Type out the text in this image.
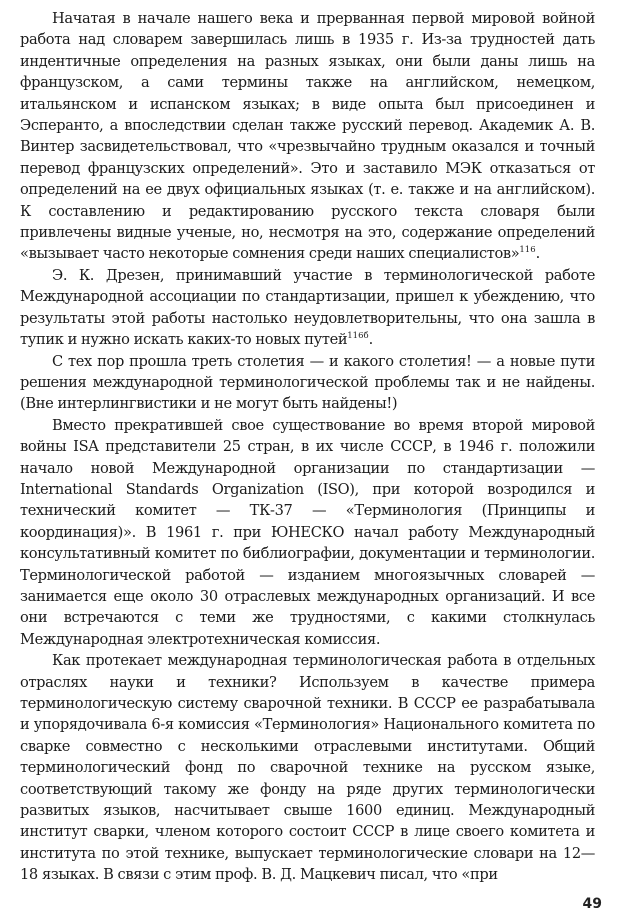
Начатая в начале нашего века и прерванная первой мировой войной работа над словарем завершилась лишь в 1935 г. Из-за трудностей дать индентичные определения на разных языках, они были даны лишь на французском, а сами термины также на английском, немецком, итальянском и испанском языках; в виде опыта был присоединен и Эсперанто, а впоследствии сделан также русский перевод. Академик А. В. Винтер засвидетельствовал, что «чрезвычайно трудным оказался и точный перевод французских определений». Это и заставило МЭК отказаться от определений на ее двух официальных языках (т. е. также и на английском). К составлению и редактированию русского текста словаря были привлечены видные ученые, но, несмотря на это, содержание определений «вызывает часто некоторые сомнения среди наших специалистов»$^{116}$.

Э. К. Дрезен, принимавший участие в терминологической работе Международной ассоциации по стандартизации, пришел к убеждению, что результаты этой работы настолько неудовлетворительны, что она зашла в тупик и нужно искать каких-то новых путей$^{116б}$.

С тех пор прошла треть столетия — и какого столетия! — а новые пути решения международной терминологической проблемы так и не найдены. (Вне интерлингвистики и не могут быть найдены!)

Вместо прекратившей свое существование во время второй мировой войны ISA представители 25 стран, в их числе СССР, в 1946 г. положили начало новой Международной организации по стандартизации — International Standards Organization (ISO), при которой возродился и технический комитет — ТК-37 — «Терминология (Принципы и координация)». В 1961 г. при ЮНЕСКО начал работу Международный консультативный комитет по библиографии, документации и терминологии. Терминологической работой — изданием многоязычных словарей — занимается еще около 30 отраслевых международных организаций. И все они встречаются с теми же трудностями, с какими столкнулась Международная электротехническая комиссия.

Как протекает международная терминологическая работа в отдельных отраслях науки и техники? Используем в качестве примера терминологическую систему сварочной техники. В СССР ее разрабатывала и упорядочивала 6-я комиссия «Терминология» Национального комитета по сварке совместно с несколькими отраслевыми институтами. Общий терминологический фонд по сварочной технике на русском языке, соответствующий такому же фонду на ряде других терминологически развитых языков, насчитывает свыше 1600 единиц. Международный институт сварки, членом которого состоит СССР в лице своего комитета и института по этой технике, выпускает терминологические словари на 12—18 языках. В связи с этим проф. В. Д. Мацкевич писал, что «при

49
